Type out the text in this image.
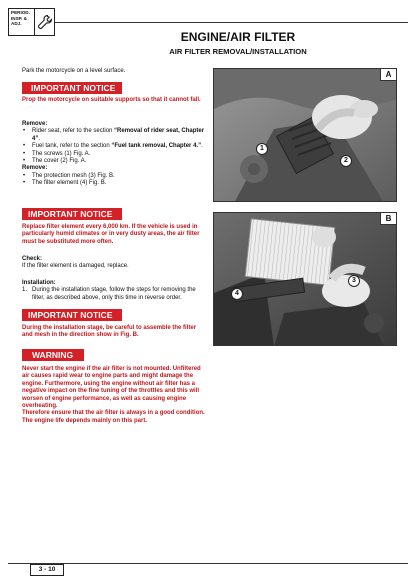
PERIOD.
INSP. &
ADJ.
ENGINE/AIR FILTER
AIR FILTER REMOVAL/INSTALLATION
Park the motorcycle on a level surface.
IMPORTANT NOTICE
Prop the motorcycle on suitable supports so that it cannot fall.
Remove:
• Rider seat, refer to the section “Removal of rider seat, Chapter 4”.
• Fuel tank, refer to the section “Fuel tank removal, Chapter 4.”.
• The screws (1) Fig. A.
• The cover (2) Fig. A.
Remove:
• The protection mesh (3) Fig. B.
• The filter element (4) Fig. B.
A
1
2
IMPORTANT NOTICE
Replace filter element every 6,000 km. If the vehicle is used in particularly humid climates or in very dusty areas, the air filter must be substituted more often.
Check:
If the filter element is damaged, replace.
Installation:
1. During the installation stage, follow the steps for removing the filter, as described above, only this time in reverse order.
B
3
4
IMPORTANT NOTICE
During the installation stage, be careful to assemble the filter and mesh in the direction show in Fig. B.
WARNING
Never start the engine if the air filter is not mounted. Unfiltered air causes rapid wear to engine parts and might damage the engine. Furthermore, using the engine without air filter has a negative impact on the fine tuning of the throttles and this will worsen of engine performance, as well as causing engine overheating.
Therefore ensure that the air filter is always in a good condition.
The engine life depends mainly on this part.
3 - 10
